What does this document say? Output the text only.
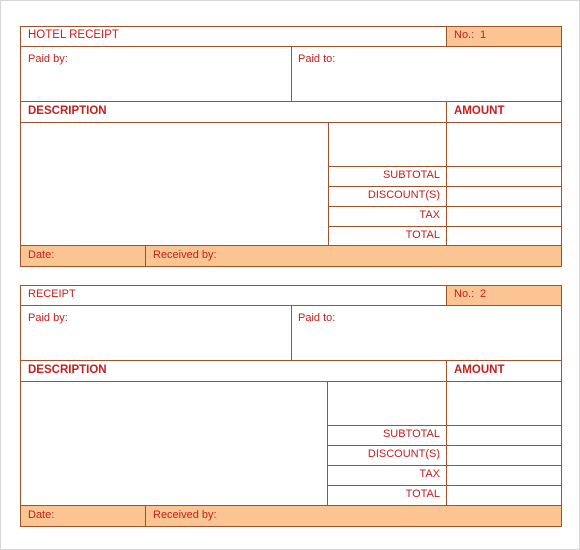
HOTEL RECEIPT	No.: 1
Paid by:	Paid to:
DESCRIPTION	AMOUNT
SUBTOTAL
DISCOUNT(S)
TAX
TOTAL
Date:	Received by:
RECEIPT	No.: 2
Paid by:	Paid to:
DESCRIPTION	AMOUNT
SUBTOTAL
DISCOUNT(S)
TAX
TOTAL
Date:	Received by:
